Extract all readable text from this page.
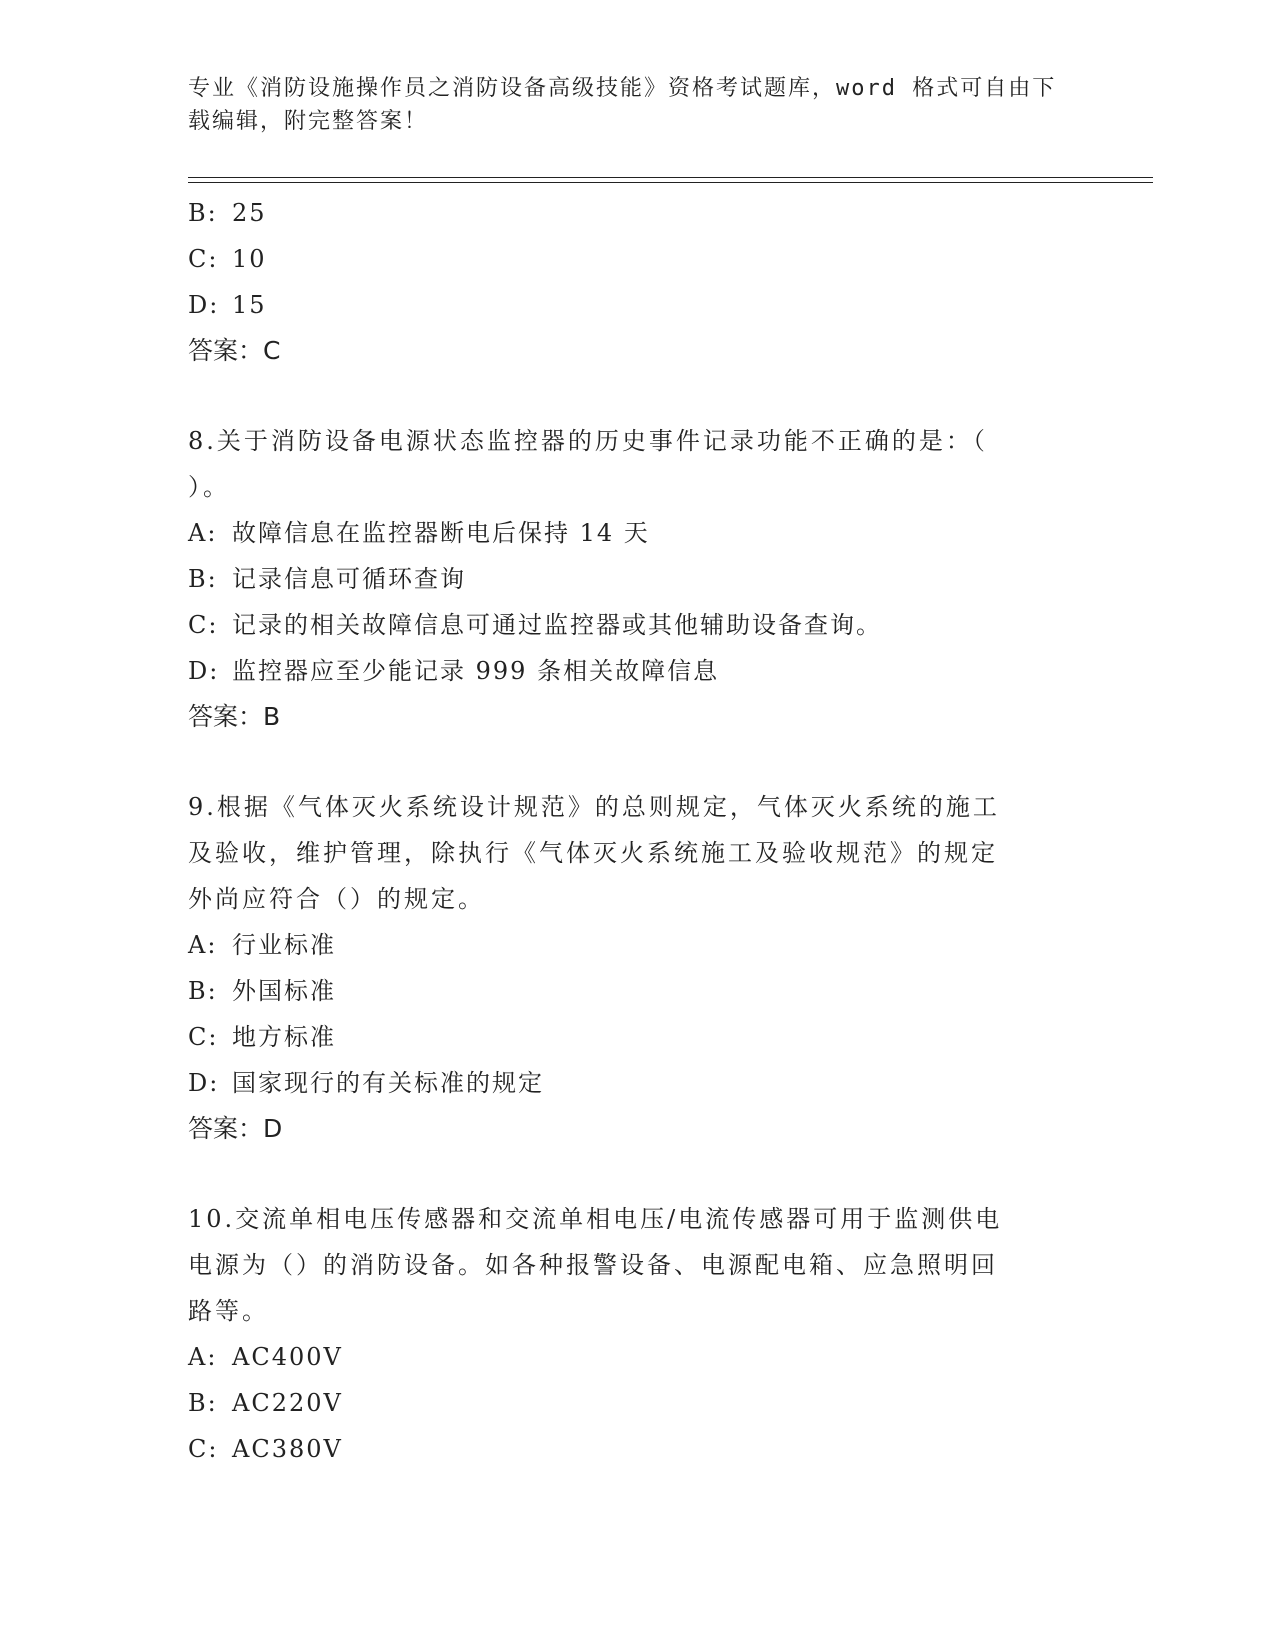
专业《消防设施操作员之消防设备高级技能》资格考试题库，word 格式可自由下
载编辑，附完整答案！
B: 25
C: 10
D: 15
答案：C
8.关于消防设备电源状态监控器的历史事件记录功能不正确的是：（
）。
A: 故障信息在监控器断电后保持 14 天
B: 记录信息可循环查询
C: 记录的相关故障信息可通过监控器或其他辅助设备查询。
D: 监控器应至少能记录 999 条相关故障信息
答案：B
9.根据《气体灭火系统设计规范》的总则规定，气体灭火系统的施工
及验收，维护管理，除执行《气体灭火系统施工及验收规范》的规定
外尚应符合（）的规定。
A: 行业标准
B: 外国标准
C: 地方标准
D: 国家现行的有关标准的规定
答案：D
10.交流单相电压传感器和交流单相电压/电流传感器可用于监测供电
电源为（）的消防设备。如各种报警设备、电源配电箱、应急照明回
路等。
A: AC400V
B: AC220V
C: AC380V
